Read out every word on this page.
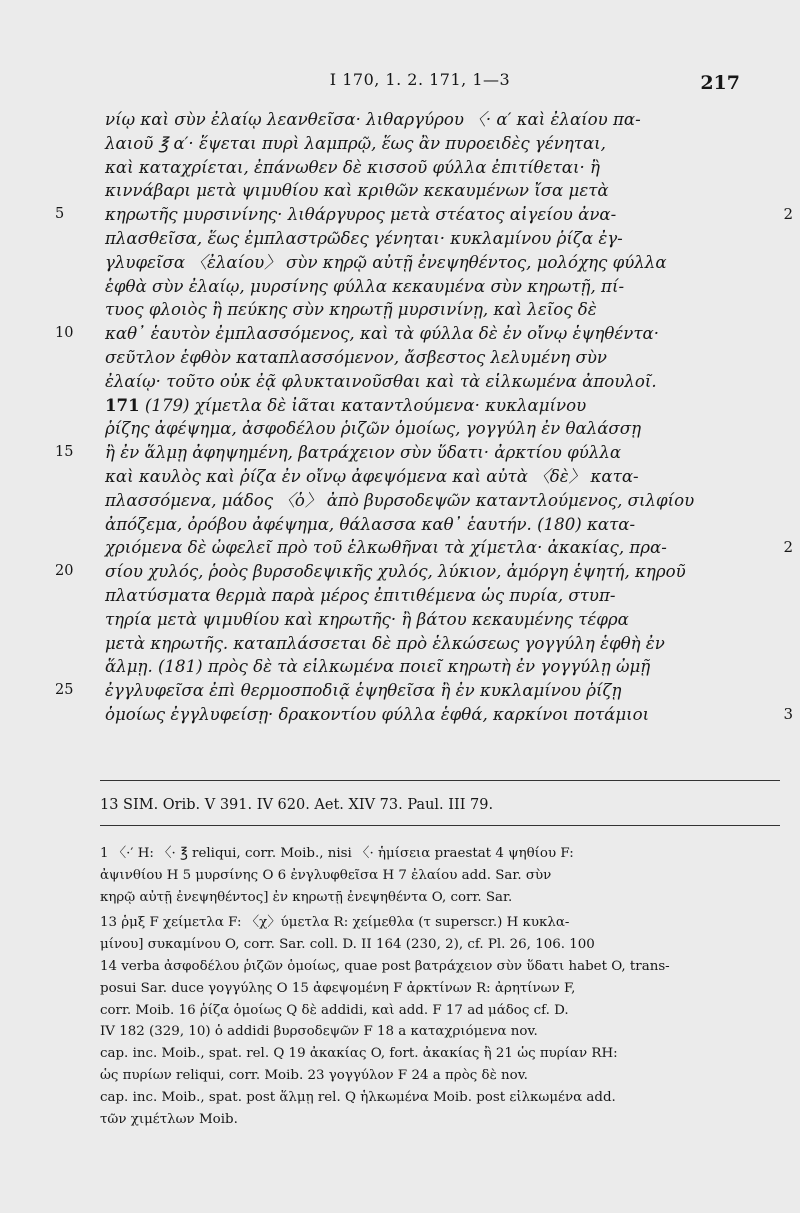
I 170, 1. 2. 171, 1—3	217
νίῳ καὶ σὺν ἐλαίῳ λεανθεῖσα· λιθαργύρου 〈· α′ καὶ ἐλαίου πα-
λαιοῦ ℥ α′· ἕψεται πυρὶ λαμπρῷ, ἕως ἂν πυροειδὲς γένηται,
καὶ καταχρίεται, ἐπάνωθεν δὲ κισσοῦ φύλλα ἐπιτίθεται· ἢ
κιννάβαρι μετὰ ψιμυθίου καὶ κριθῶν κεκαυμένων ἴσα μετὰ
5 κηρωτῆς μυρσινίνης· λιθάργυρος μετὰ στέατος αἰγείου ἀνα-	2
πλασθεῖσα, ἕως ἐμπλαστρῶδες γένηται· κυκλαμίνου ῥίζα ἐγ-
γλυφεῖσα 〈ἐλαίου〉 σὺν κηρῷ αὐτῇ ἐνεψηθέντος, μολόχης φύλλα
ἑφθὰ σὺν ἐλαίῳ, μυρσίνης φύλλα κεκαυμένα σὺν κηρωτῇ, πί-
τυος φλοιὸς ἢ πεύκης σὺν κηρωτῇ μυρσινίνῃ, καὶ λεῖος δὲ
10 καθ᾽ ἑαυτὸν ἐμπλασσόμενος, καὶ τὰ φύλλα δὲ ἐν οἴνῳ ἑψηθέντα·
σεῦτλον ἑφθὸν καταπλασσόμενον, ἄσβεστος λελυμένη σὺν
ἐλαίῳ· τοῦτο οὐκ ἐᾷ φλυκταινοῦσθαι καὶ τὰ εἱλκωμένα ἀπουλοῖ.
171 (179) χίμετλα δὲ ἰᾶται καταντλούμενα· κυκλαμίνου
ῥίζης ἀφέψημα, ἀσφοδέλου ῥιζῶν ὁμοίως, γογγύλη ἐν θαλάσσῃ
15 ἢ ἐν ἅλμῃ ἀφηψημένη, βατράχειον σὺν ὕδατι· ἀρκτίου φύλλα
καὶ καυλὸς καὶ ῥίζα ἐν οἴνῳ ἀφεψόμενα καὶ αὐτὰ 〈δὲ〉 κατα-
πλασσόμενα, μάδος 〈ὁ〉 ἀπὸ βυρσοδεψῶν καταντλούμενος, σιλφίου
ἀπόζεμα, ὀρόβου ἀφέψημα, θάλασσα καθ᾽ ἑαυτήν. (180) κατα-
χριόμενα δὲ ὠφελεῖ πρὸ τοῦ ἑλκωθῆναι τὰ χίμετλα· ἀκακίας, πρα-	2
20 σίου χυλός, ῥοὸς βυρσοδεψικῆς χυλός, λύκιον, ἀμόργη ἑψητή, κηροῦ
πλατύσματα θερμὰ παρὰ μέρος ἐπιτιθέμενα ὡς πυρία, στυπ-
τηρία μετὰ ψιμυθίου καὶ κηρωτῆς· ἢ βάτου κεκαυμένης τέφρα
μετὰ κηρωτῆς. καταπλάσσεται δὲ πρὸ ἑλκώσεως γογγύλη ἑφθὴ ἐν
ἅλμῃ. (181) πρὸς δὲ τὰ εἱλκωμένα ποιεῖ κηρωτὴ ἐν γογγύλῃ ὠμῇ
25 ἐγγλυφεῖσα ἐπὶ θερμοσποδιᾷ ἑψηθεῖσα ἢ ἐν κυκλαμίνου ῥίζῃ
ὁμοίως ἐγγλυφείσῃ· δρακοντίου φύλλα ἑφθά, καρκίνοι ποτάμιοι	3
13 SIM. Orib. V 391. IV 620. Aet. XIV 73. Paul. III 79.
1 〈·′ H: 〈· ℥ reliqui, corr. Moib., nisi 〈· ἡμίσεια praestat 4 ψηθίου F:
ἀψινθίου H 5 μυρσίνης O 6 ἐνγλυφθεῖσα H 7 ἐλαίου add. Sar. σὺν
κηρῷ αὐτῇ ἐνεψηθέντος] ἐν κηρωτῇ ἐνεψηθέντα O, corr. Sar.
13 ῥμξ F χείμετλα F: 〈χ〉ύμετλα R: χείμεθλα (τ superscr.) H κυκλα-
μίνου] συκαμίνου O, corr. Sar. coll. D. II 164 (230, 2), cf. Pl. 26, 106. 100
14 verba ἀσφοδέλου ῥιζῶν ὁμοίως, quae post βατράχειον σὺν ὕδατι habet O, trans-
posui Sar. duce γογγύλης O 15 ἀφεψομένη F ἀρκτίνων R: ἀρητίνων F,
corr. Moib. 16 ῥίζα ὁμοίως Q δὲ addidi, καὶ add. F 17 ad μάδος cf. D.
IV 182 (329, 10) ὁ addidi βυρσοδεψῶν F 18 a καταχριόμενα nov.
cap. inc. Moib., spat. rel. Q 19 ἀκακίας O, fort. ἀκακίας ἢ 21 ὡς πυρίαν RH:
ὡς πυρίων reliqui, corr. Moib. 23 γογγύλον F 24 a πρὸς δὲ nov.
cap. inc. Moib., spat. post ἅλμῃ rel. Q ἡλκωμένα Moib. post εἱλκωμένα add.
τῶν χιμέτλων Moib.
